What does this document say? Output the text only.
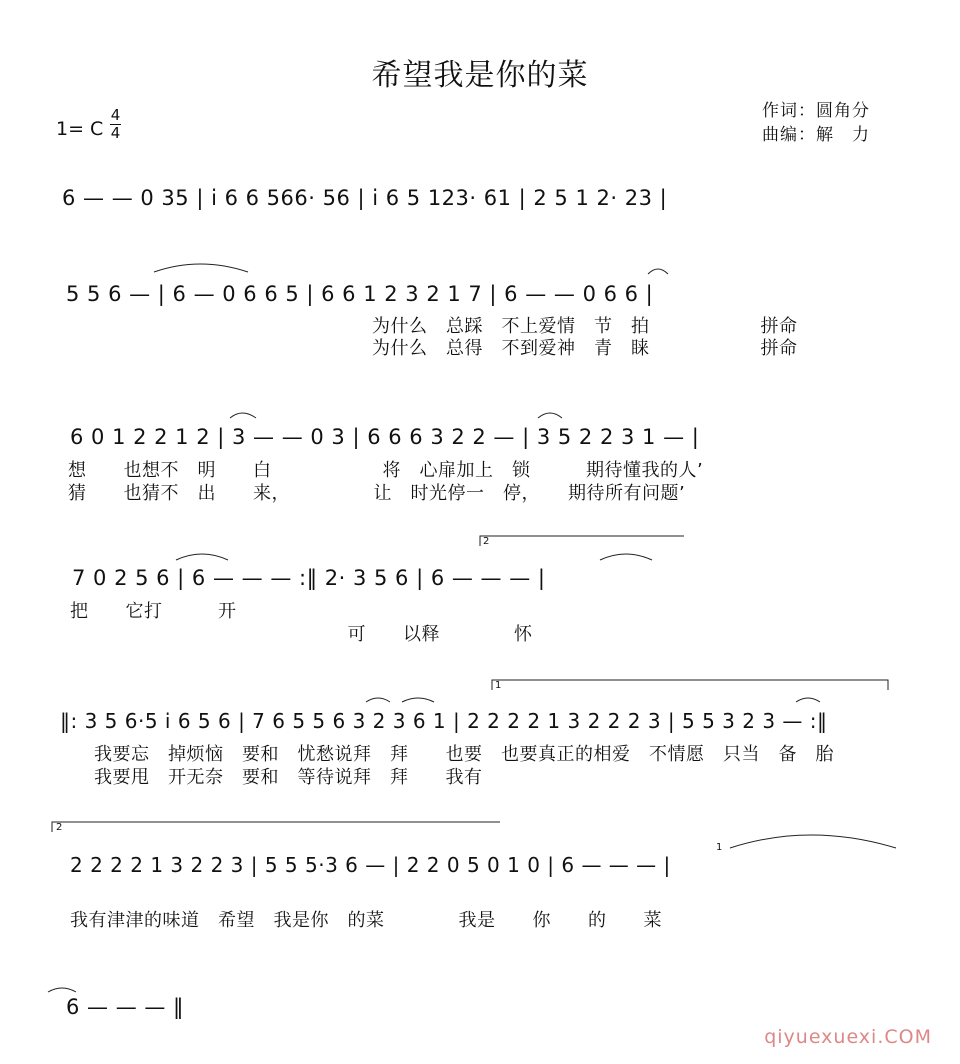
希望我是你的菜
1= C
4
4
作词：圆角分
曲编：解　力
6 — — 0 35 | i 6 6 566· 56 | i 6 5 123· 61 | 2 5 1 2· 23 |
5 5 6 — | 6 — 0 6 6 5 | 6 6 1 2 3 2 1 7 | 6 — — 0 6 6 |
为什么　总踩　不上爱情　节　拍　　　　　　拼命
为什么　总得　不到爱神　青　睐　　　　　　拼命
6 0 1 2 2 1 2 | 3 — — 0 3 | 6 6 6 3 2 2 — | 3 5 2 2 3 1 — |
想　　也想不　明　　白　　　　　　将　心扉加上　锁　　　期待懂我的人’
猜　　也猜不　出　　来，　　　　　让　时光停一　停，　　期待所有问题’
7 0 2 5 6 | 6 — — — :‖ 2· 3 5 6 | 6 — — — |
2
把　　它打　　　开
　　　　　　　　　　　　　　　可　　以释　　　　怀
‖: 3 5 6·5 i 6 5 6 | 7 6 5 5 6 3 2 3 6 1 | 2 2 2 2 1 3 2 2 2 3 | 5 5 3 2 3 — :‖
1
我要忘　掉烦恼　要和　忧愁说拜　拜　　也要　也要真正的相爱　不情愿　只当　备　胎
我要甩　开无奈　要和　等待说拜　拜　　我有
2
2 2 2 2 1 3 2 2 3 | 5 5 5·3 6 — | 2 2 0 5 0 1 0 | 6 — — — |
1
我有津津的味道　希望　我是你　的菜　　　　我是　　你　　的　　菜
6 — — — ‖
qiyuexuexi.COM
